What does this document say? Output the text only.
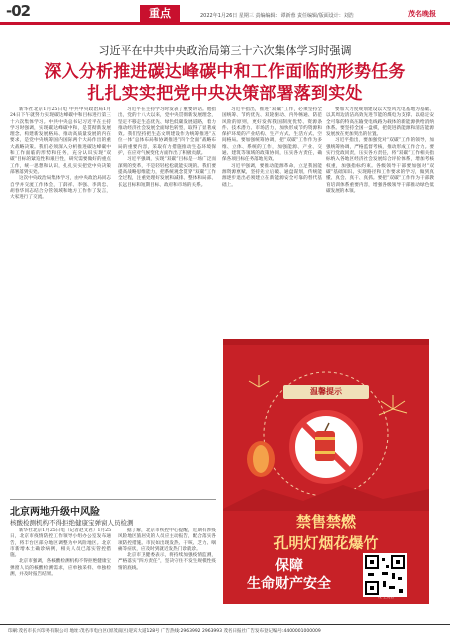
-02	重点	2022年1月26日 星期三 责编编辑：谭新蓉 责任编辑/版面设计：刘浩	茂名晚报
习近平在中共中央政治局第三十六次集体学习时强调
深入分析推进碳达峰碳中和工作面临的形势任务
扎扎实实把党中央决策部署落到实处

新华社北京1月25日电 中共中央政治局1月24日下午就努力实现碳达峰碳中和目标进行第三十六次集体学习。中共中央总书记习近平在主持学习时强调，实现碳达峰碳中和，是贯彻新发展理念、构建新发展格局、推动高质量发展的内在要求，是党中央统筹国内国际两个大局作出的重大战略决策。我们必须深入分析推进碳达峰碳中和工作面临的形势和任务，充分认识实现“双碳”目标的紧迫性和艰巨性，研究需要做好的重点工作，统一思想和认识，扎扎实实把党中央决策部署落到实处。

这次中央政治局集体学习，由中央政治局同志自学并交流工作体会，丁薛祥、李强、李鸿忠、胡春华同志结合分管领域和地方工作作了发言，大家进行了交流。

习近平在主持学习时发表了重要讲话。他指出，党的十八大以来，党中央贯彻新发展理念，坚定不移走生态优先、绿色低碳发展道路，着力推动经济社会发展全面绿色转型，取得了显著成效。我们坚持把生态文明建设作为统筹推进“五位一体”总体布局和协调推进“四个全面”战略布局的重要内容，采取有力措施推动生态环境保护，在应对气候变化方面作出了积极贡献。

习近平强调，实现“双碳”目标是一场广泛而深刻的变革，不是轻轻松松就能实现的。我们要提高战略思维能力，把系统观念贯穿“双碳”工作全过程，注重处理好发展和减排、整体和局部、长远目标和短期目标、政府和市场的关系。

习近平指出，推进“双碳”工作，必须坚持全国统筹、节约优先、双轮驱动、内外畅通、防范风险的原则，更好发挥我国制度优势、资源条件、技术潜力、市场活力，加快形成节约资源和保护环境的产业结构、生产方式、生活方式、空间格局。要加强统筹协调，把“双碳”工作作为多维、立体、系统的工作，加强能源、产业、交通、建筑等领域的政策协同，压实各方责任，确保各项目标任务落地见效。

习近平强调，要推动能源革命，立足我国能源资源禀赋，坚持先立后破、通盘谋划，传统能源逐步退出必须建立在新能源安全可靠的替代基础上。

要加大力度规划建设以大型风光电基地为基础、以其周边清洁高效先进节能的煤电为支撑、以稳定安全可靠的特高压输变电线路为载体的新能源供给消纳体系。要坚持全国一盘棋，把促进新能源和清洁能源发展放在更加突出的位置。

习近平指出，要加强党对“双碳”工作的领导，加强统筹协调，严格监督考核，推动形成工作合力。要实行党政同责，压实各方责任，将“双碳”工作相关指标纳入各地区经济社会发展综合评价体系，增加考核权重，加强指标约束。各级领导干部要加强对“双碳”基础知识、实现路径和工作要求的学习，做到真懂、真会、真干、真抓。要把“双碳”工作作为干部教育培训体系重要内容，增强各级领导干部推动绿色低碳发展的本领。

温馨提示
禁售禁燃
孔明灯烟花爆竹
保障
生命财产安全
“茂”上茂名
北京两地升级中风险
核酸检测机构不得拒绝健康宝弹窗人员检测

新华社北京1月25日电（记者赵文君）1月25日，北京市疫情防控工作领导小组办公室发布通告，将丰台区部分地区调整为中风险地区。北京市新增本土确诊病例，相关人员已落实管控措施。

北京市强调，各核酸检测机构不得拒绝健康宝弹窗人员的核酸检测需求，应单独采样、单独检测，并及时报告结果。

据了解，北京市疾控中心提醒，近期有涉疫风险地区旅居史的人员应主动报告，配合落实各项防控措施。市民如出现发热、干咳、乏力、咽痛等症状，应及时到就近发热门诊就诊。

北京市卫健委表示，将持续加强疫情监测，严格落实“四方责任”，坚决守住不发生规模性疫情的底线。

印刷:茂名市长兴印务有限公司 地址:茂名市电白区(原茂南区)迎宾大道128号 广告热线:2963992 2963993 茂名日报社广告发布登记编号:4400001000009
